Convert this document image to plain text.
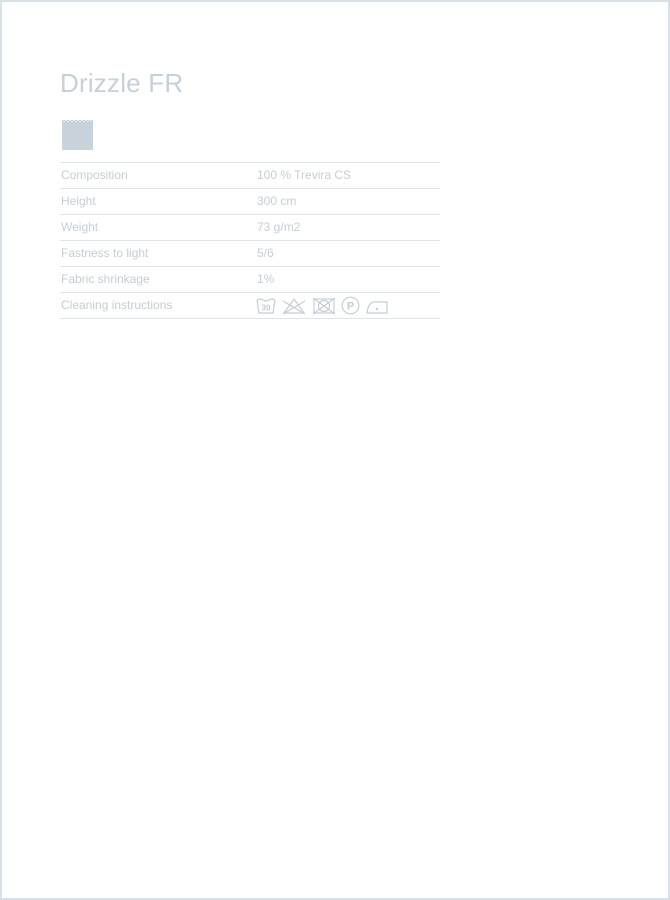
Drizzle FR
Composition	100 % Trevira CS
Height	300 cm
Weight	73 g/m2
Fastness to light	5/6
Fabric shrinkage	1%
Cleaning instructions	30	P
